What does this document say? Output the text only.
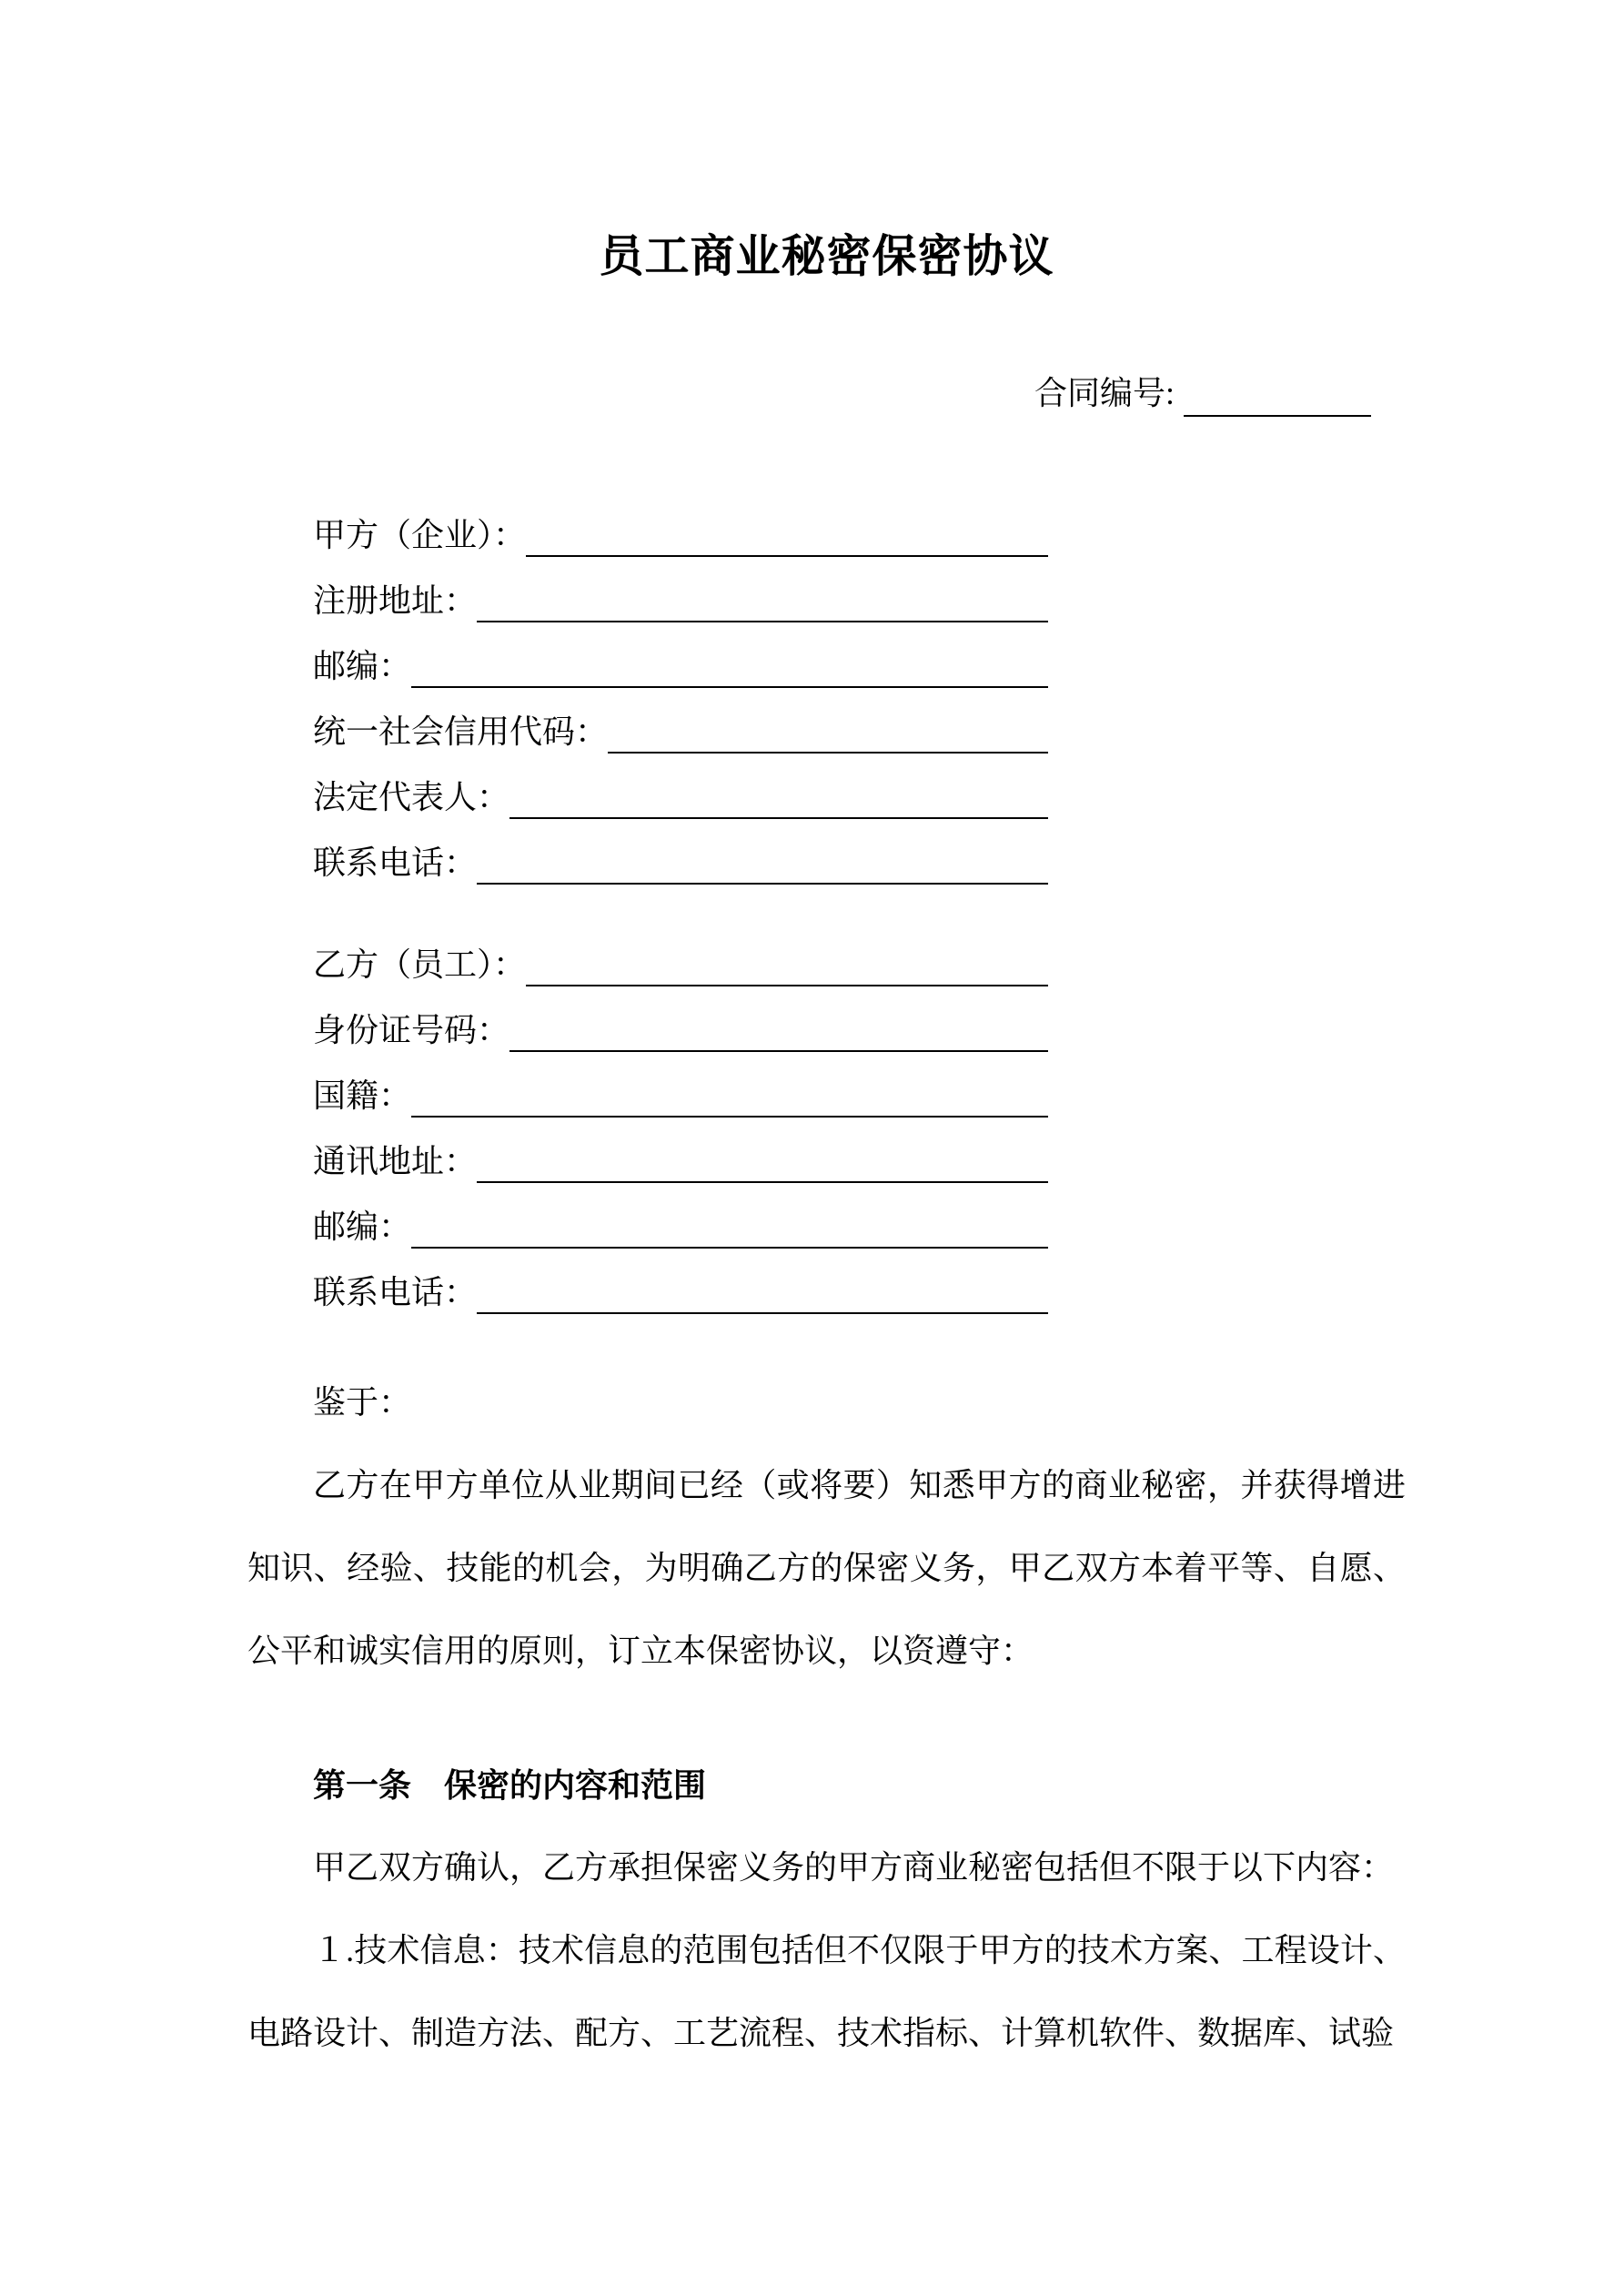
员工商业秘密保密协议
合同编号:
甲方（企业）：
注册地址：
邮编：
统一社会信用代码：
法定代表人：
联系电话：
乙方（员工）：
身份证号码：
国籍：
通讯地址：
邮编：
联系电话：

鉴于：

乙方在甲方单位从业期间已经（或将要）知悉甲方的商业秘密，并获得增进知识、经验、技能的机会，为明确乙方的保密义务，甲乙双方本着平等、自愿、公平和诚实信用的原则，订立本保密协议，以资遵守：

第一条　保密的内容和范围

甲乙双方确认，乙方承担保密义务的甲方商业秘密包括但不限于以下内容：

１.技术信息：技术信息的范围包括但不仅限于甲方的技术方案、工程设计、电路设计、制造方法、配方、工艺流程、技术指标、计算机软件、数据库、试验
